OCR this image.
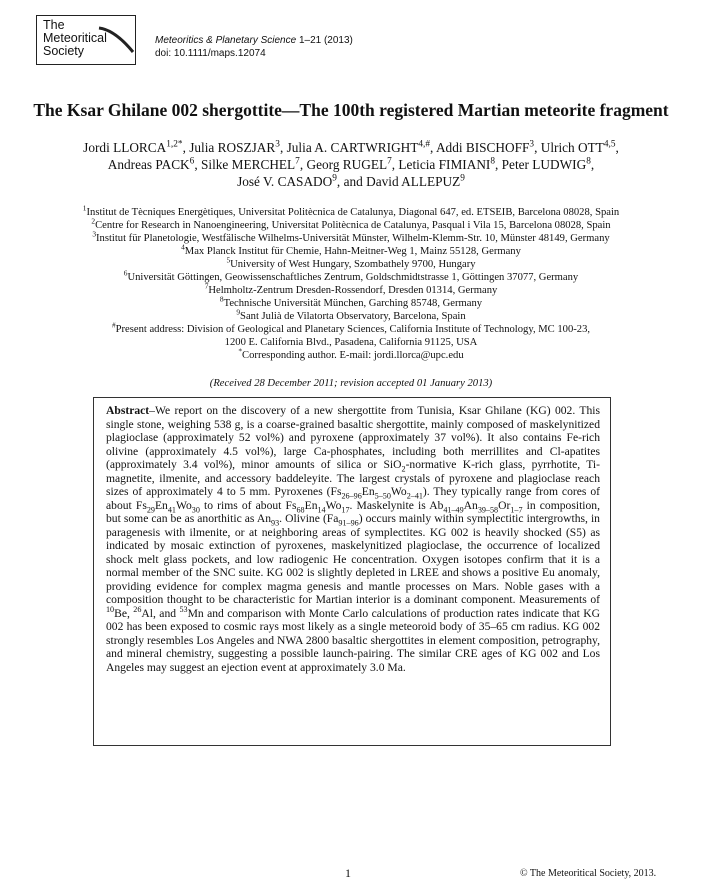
The
Meteoritical
Society
Meteoritics & Planetary Science 1–21 (2013)
doi: 10.1111/maps.12074
The Ksar Ghilane 002 shergottite—The 100th registered Martian meteorite fragment
Jordi $LLORCA^{1,2*}$, Julia ROSZJAR$^3$, Julia A. $CARTWRIGHT^{4,\#}$, Addi BISCHOFF$^3$, Ulrich OTT$^{4,5}$,
Andreas PACK$^6$, Silke MERCHEL$^7$, Georg RUGEL$^7$, Leticia FIMIANI$^8$, Peter LUDWIG$^8$,
José V. CASADO$^9$, and David ALLEPUZ$^9$
$^1$Institut de Tècniques Energètiques, Universitat Politècnica de Catalunya, Diagonal 647, ed. ETSEIB, Barcelona 08028, Spain
$^2$Centre for Research in Nanoengineering, Universitat Politècnica de Catalunya, Pasqual i Vila 15, Barcelona 08028, Spain
$^3$Institut für Planetologie, Westfälische Wilhelms-Universität Münster, Wilhelm-Klemm-Str. 10, Münster 48149, Germany
$^4$Max Planck Institut für Chemie, Hahn-Meitner-Weg 1, Mainz 55128, Germany
$^5$University of West Hungary, Szombathely 9700, Hungary
$^6$Universität Göttingen, Geowissenschaftliches Zentrum, Goldschmidtstrasse 1, Göttingen 37077, Germany
$^7$Helmholtz-Zentrum Dresden-Rossendorf, Dresden 01314, Germany
$^8$Technische Universität München, Garching 85748, Germany
$^9$Sant Julià de Vilatorta Observatory, Barcelona, Spain
#Present address: Division of Geological and Planetary Sciences, California Institute of Technology, MC 100-23,
1200 E. California Blvd., Pasadena, California 91125, USA
*Corresponding author. E-mail: jordi.llorca@upc.edu
(Received 28 December 2011; revision accepted 01 January 2013)
Abstract–We report on the discovery of a new shergottite from Tunisia, Ksar Ghilane (KG) 002. This single stone, weighing 538 g, is a coarse-grained basaltic shergottite, mainly composed of maskelynitized plagioclase (approximately 52 vol%) and pyroxene (approximately 37 vol%). It also contains Fe-rich olivine (approximately 4.5 vol%), large Ca-phosphates, including both merrillites and Cl-apatites (approximately 3.4 vol%), minor amounts of silica or SiO$_2$-normative K-rich glass, pyrrhotite, Ti-magnetite, ilmenite, and accessory baddeleyite. The largest crystals of pyroxene and plagioclase reach sizes of approximately 4 to 5 mm. Pyroxenes $(Fs_{26-96}En_{5-50}Wo_{2-41})$. They typically range from cores of about $Fs_{29}En_{41}Wo_{30}$ to rims of about $Fs_{68}En_{14}Wo_{17}$. Maskelynite is $Ab_{41-49}An_{39-58}Or_{1-7}$ in composition, but some can be as anorthitic as $An_{93}$. Olivine $(Fa_{91-96})$ occurs mainly within symplectitic intergrowths, in paragenesis with ilmenite, or at neighboring areas of symplectites. KG 002 is heavily shocked (S5) as indicated by mosaic extinction of pyroxenes, maskelynitized plagioclase, the occurrence of localized shock melt glass pockets, and low radiogenic He concentration. Oxygen isotopes confirm that it is a normal member of the SNC suite. KG 002 is slightly depleted in LREE and shows a positive Eu anomaly, providing evidence for complex magma genesis and mantle processes on Mars. Noble gases with a composition thought to be characteristic for Martian interior is a dominant component. Measurements of $^{10}$Be, $^{26}$Al, and $^{53}$Mn and comparison with Monte Carlo calculations of production rates indicate that KG 002 has been exposed to cosmic rays most likely as a single meteoroid body of 35–65 cm radius. KG 002 strongly resembles Los Angeles and NWA 2800 basaltic shergottites in element composition, petrography, and mineral chemistry, suggesting a possible launch-pairing. The similar CRE ages of KG 002 and Los Angeles may suggest an ejection event at approximately 3.0 Ma.
1	© The Meteoritical Society, 2013.
